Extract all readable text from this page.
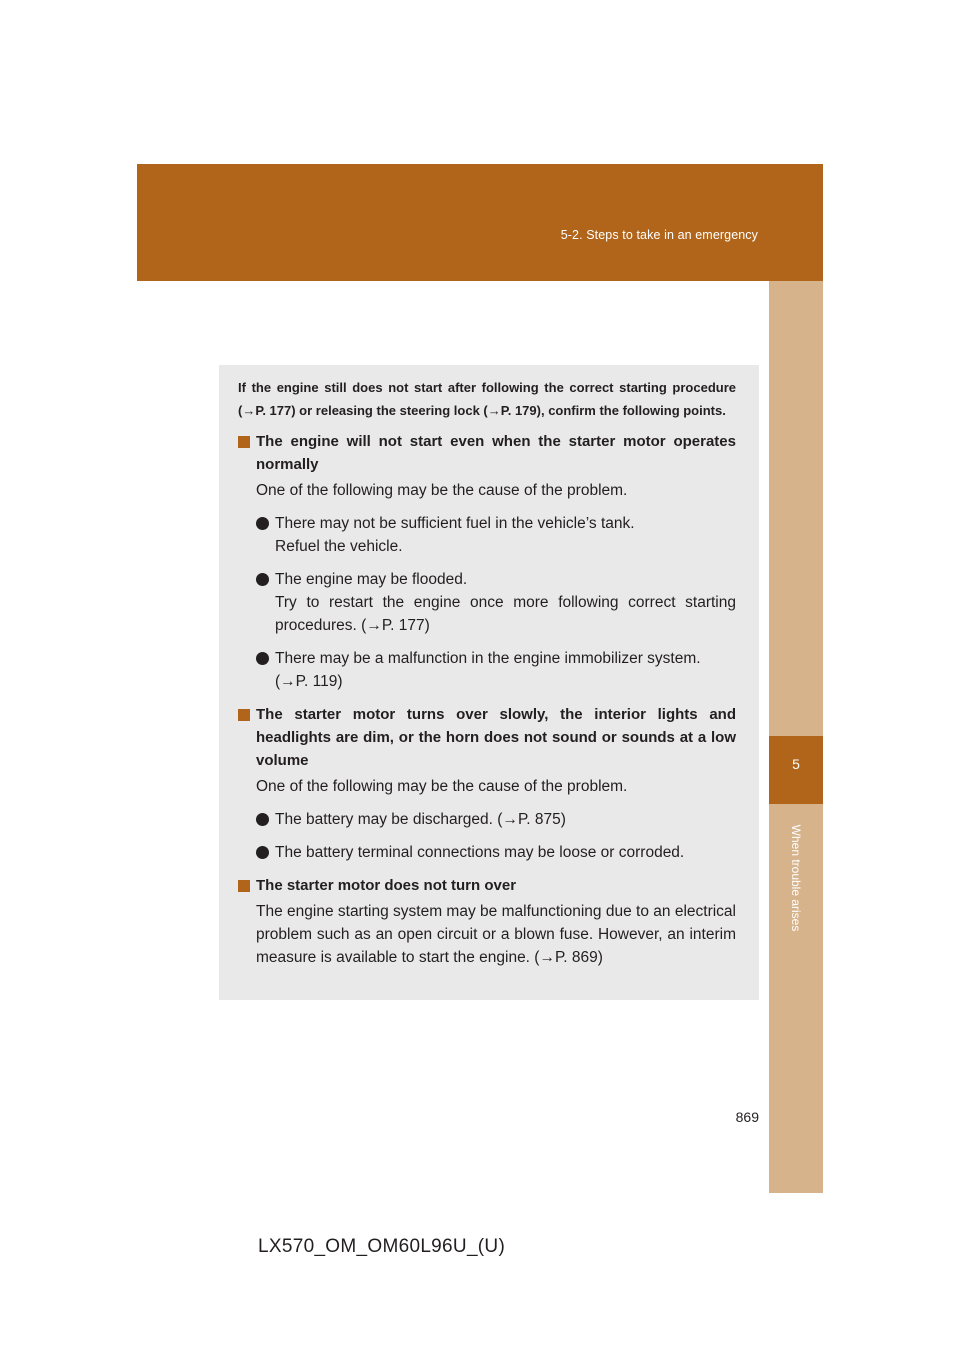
5-2. Steps to take in an emergency
5
When trouble arises

If the engine still does not start after following the correct starting procedure (→P. 177) or releasing the steering lock (→P. 179), confirm the following points.

The engine will not start even when the starter motor operates normally
One of the following may be the cause of the problem.
There may not be sufficient fuel in the vehicle’s tank.
Refuel the vehicle.
The engine may be flooded.
Try to restart the engine once more following correct starting procedures. (→P. 177)
There may be a malfunction in the engine immobilizer system.
(→P. 119)
The starter motor turns over slowly, the interior lights and headlights are dim, or the horn does not sound or sounds at a low volume
One of the following may be the cause of the problem.
The battery may be discharged. (→P. 875)
The battery terminal connections may be loose or corroded.
The starter motor does not turn over
The engine starting system may be malfunctioning due to an electrical problem such as an open circuit or a blown fuse. However, an interim measure is available to start the engine. (→P. 869)
869
LX570_OM_OM60L96U_(U)
